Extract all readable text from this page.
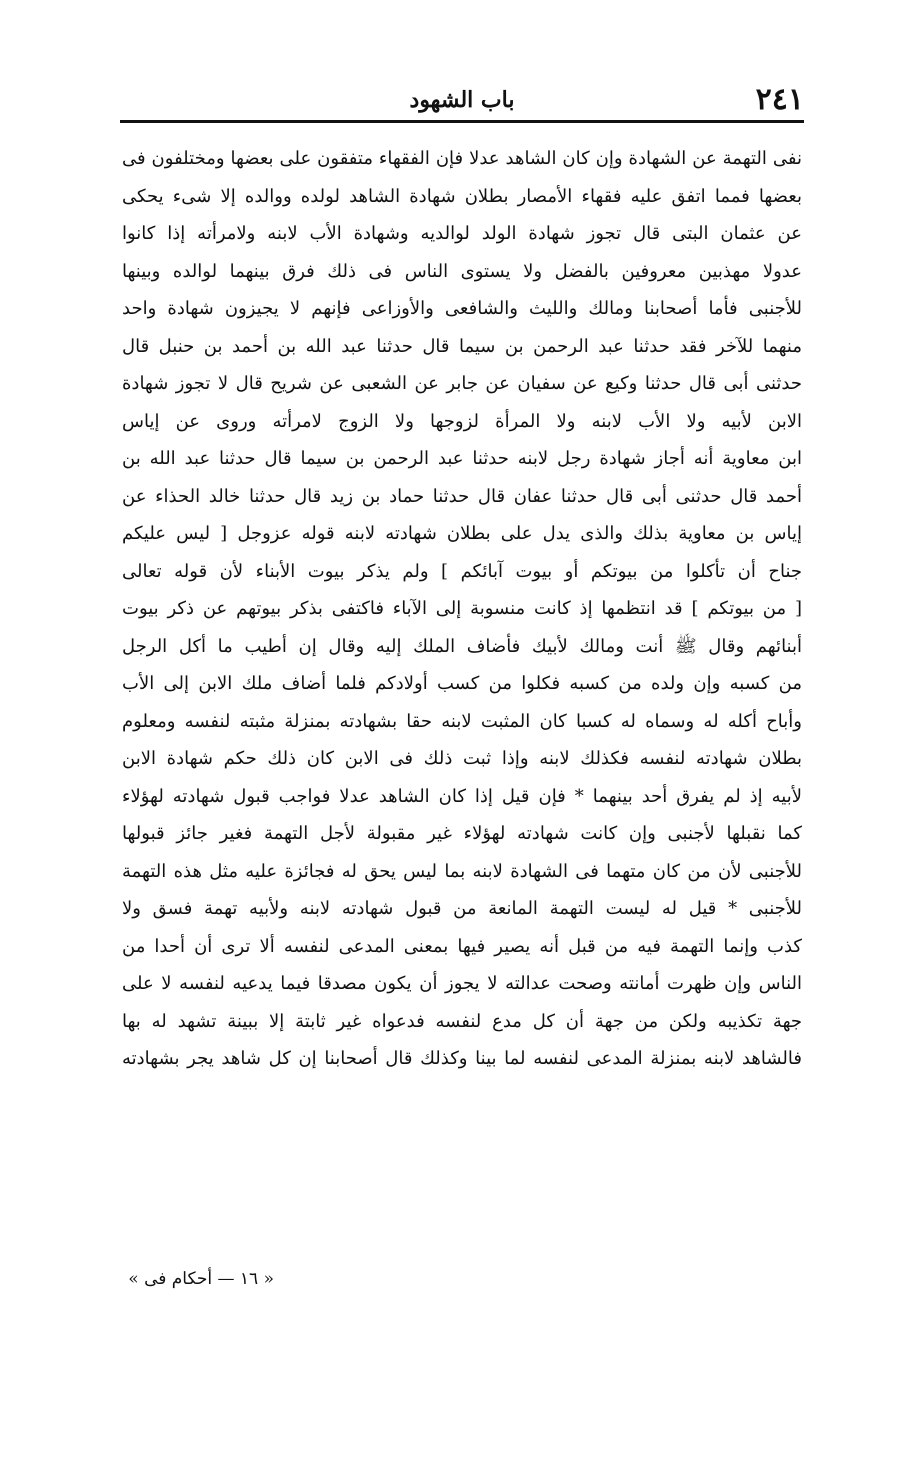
٢٤١
باب الشهود
نفى التهمة عن الشهادة وإن كان الشاهد عدلا فإن الفقهاء متفقون على بعضها ومختلفون فى
بعضها فمما اتفق عليه فقهاء الأمصار بطلان شهادة الشاهد لولده ووالده إلا شىء يحكى
عن عثمان البتى قال تجوز شهادة الولد لوالديه وشهادة الأب لابنه ولامرأته إذا كانوا
عدولا مهذبين معروفين بالفضل ولا يستوى الناس فى ذلك فرق بينهما لوالده وبينها
للأجنبى فأما أصحابنا ومالك والليث والشافعى والأوزاعى فإنهم لا يجيزون شهادة واحد
منهما للآخر فقد حدثنا عبد الرحمن بن سيما قال حدثنا عبد الله بن أحمد بن حنبل قال
حدثنى أبى قال حدثنا وكيع عن سفيان عن جابر عن الشعبى عن شريح قال لا تجوز شهادة
الابن لأبيه ولا الأب لابنه ولا المرأة لزوجها ولا الزوج لامرأته وروى عن إياس
ابن معاوية أنه أجاز شهادة رجل لابنه حدثنا عبد الرحمن بن سيما قال حدثنا عبد الله بن
أحمد قال حدثنى أبى قال حدثنا عفان قال حدثنا حماد بن زيد قال حدثنا خالد الحذاء عن
إياس بن معاوية بذلك والذى يدل على بطلان شهادته لابنه قوله عزوجل [ ليس عليكم
جناح أن تأكلوا من بيوتكم أو بيوت آبائكم ] ولم يذكر بيوت الأبناء لأن قوله تعالى
[ من بيوتكم ] قد انتظمها إذ كانت منسوبة إلى الآباء فاكتفى بذكر بيوتهم عن ذكر بيوت
أبنائهم وقال ﷺ أنت ومالك لأبيك فأضاف الملك إليه وقال إن أطيب ما أكل الرجل
من كسبه وإن ولده من كسبه فكلوا من كسب أولادكم فلما أضاف ملك الابن إلى الأب
وأباح أكله له وسماه له كسبا كان المثبت لابنه حقا بشهادته بمنزلة مثبته لنفسه ومعلوم
بطلان شهادته لنفسه فكذلك لابنه وإذا ثبت ذلك فى الابن كان ذلك حكم شهادة الابن
لأبيه إذ لم يفرق أحد بينهما * فإن قيل إذا كان الشاهد عدلا فواجب قبول شهادته لهؤلاء
كما نقبلها لأجنبى وإن كانت شهادته لهؤلاء غير مقبولة لأجل التهمة فغير جائز قبولها
للأجنبى لأن من كان متهما فى الشهادة لابنه بما ليس يحق له فجائزة عليه مثل هذه التهمة
للأجنبى * قيل له ليست التهمة المانعة من قبول شهادته لابنه ولأبيه تهمة فسق ولا
كذب وإنما التهمة فيه من قبل أنه يصير فيها بمعنى المدعى لنفسه ألا ترى أن أحدا من
الناس وإن ظهرت أمانته وصحت عدالته لا يجوز أن يكون مصدقا فيما يدعيه لنفسه لا على
جهة تكذيبه ولكن من جهة أن كل مدع لنفسه فدعواه غير ثابتة إلا ببينة تشهد له بها
فالشاهد لابنه بمنزلة المدعى لنفسه لما بينا وكذلك قال أصحابنا إن كل شاهد يجر بشهادته
« ١٦ — أحكام فى »
